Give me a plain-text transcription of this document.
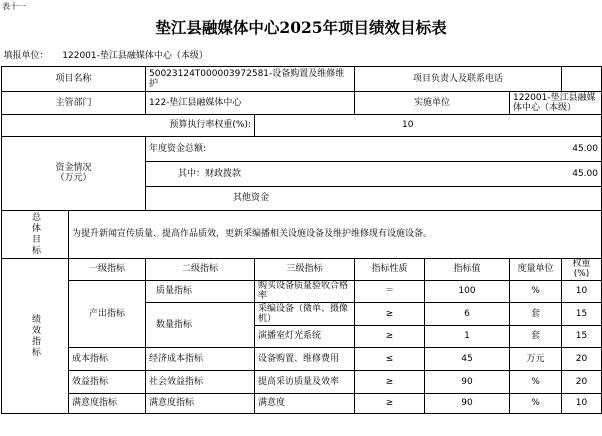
表十一
垫江县融媒体中心2025年项目绩效目标表
填报单位： 122001-垫江县融媒体中心（本级）							
项目名称		50023124T000003972581-设备购置及维修维护		项目负责人及联系电话			
主管部门		122-垫江县融媒体中心		实施单位		122001-垫江县融媒体中心（本级）	
预算执行率权重(%):			10				
资金情况
（万元）		年度资金总额: 45.00					

		其中：财政拨款 45.00					

		其他资金					

总体目标	为提升新闻宣传质量、提高作品质效，更新采编播相关设施设备及维护维修现有设施设备。						

绩效指标	一级指标	二级指标	三级指标	指标性质	指标值	度量单位	权重(%)
	产出指标	质量指标	购买设备质量验收合格率	＝	100	%	10
		数量指标	采编设备（微单、摄像机）	≥	6	套	15
			演播室灯光系统	≥	1	套	15
	成本指标	经济成本指标	设备购置、维修费用	≤	45	万元	20
	效益指标	社会效益指标	提高采访质量及效率	≥	90	%	20
	满意度指标	满意度指标	满意度	≥	90	%	10
